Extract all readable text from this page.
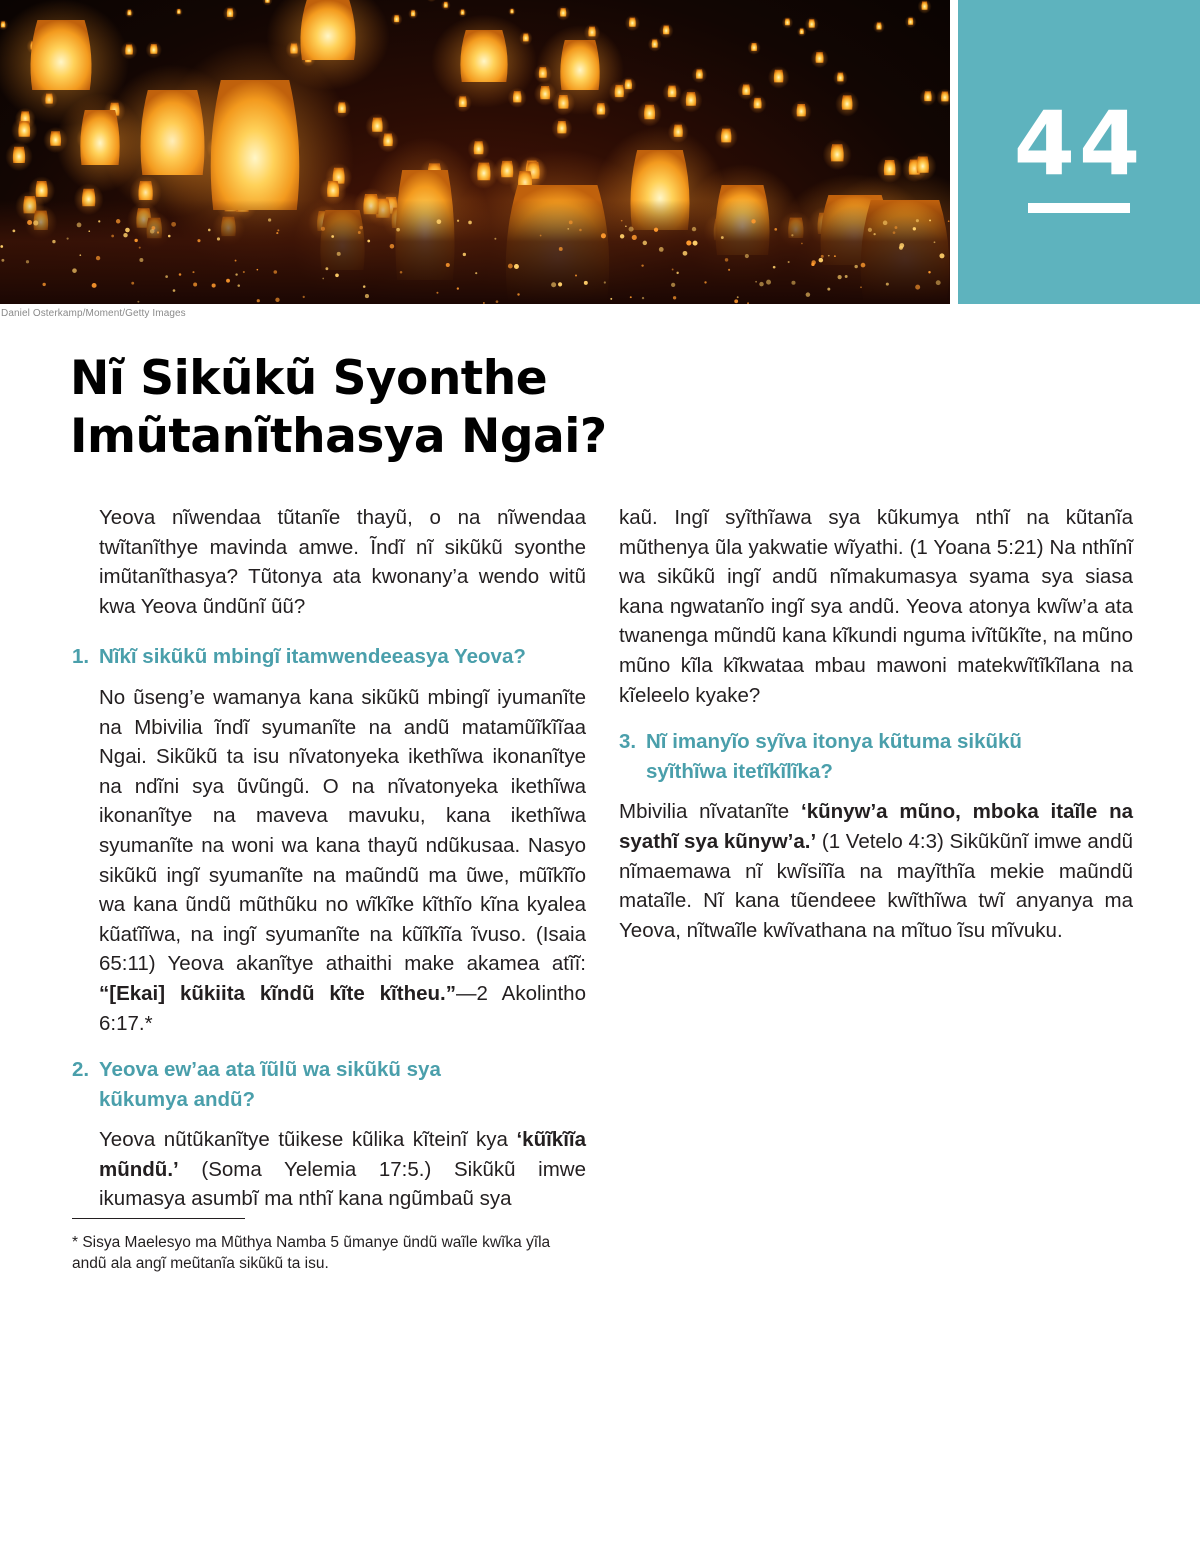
Daniel Osterkamp/Moment/Getty Images
44
Nĩ Sikũkũ Syonthe
Imũtanĩthasya Ngai?

Yeova nĩwendaa tũtanĩe thayũ, o na nĩwendaa twĩtanĩthye mavinda amwe. Ĩndĩ nĩ sikũkũ syonthe imũtanĩthasya? Tũtonya ata kwonany’a wendo witũ kwa Yeova ũndũnĩ ũũ?

1. Nĩkĩ sikũkũ mbingĩ itamwendeeasya Yeova?

No ũseng’e wamanya kana sikũkũ mbingĩ iyumanĩte na Mbivilia ĩndĩ syumanĩte na andũ matamũĩkĩĩaa Ngai. Sikũkũ ta isu nĩvatonyeka ikethĩwa ikonanĩtye na ndĩni sya ũvũngũ. O na nĩvatonyeka ikethĩwa ikonanĩtye na maveva mavuku, kana ikethĩwa syumanĩte na woni wa kana thayũ ndũkusaa. Nasyo sikũkũ ingĩ syumanĩte na maũndũ ma ũwe, mũĩkĩĩo wa kana ũndũ mũthũku no wĩkĩke kĩthĩo kĩna kyalea kũatĩĩwa, na ingĩ syumanĩte na kũĩkĩĩa ĩvuso. (Isaia 65:11) Yeova akanĩtye athaithi make akamea atĩĩ: “[Ekai] kũkiita kĩndũ kĩte kĩtheu.”—2 Akolintho 6:17.*

2. Yeova ew’aa ata ĩũlũ wa sikũkũ sya
kũkumya andũ?

Yeova nũtũkanĩtye tũikese kũlika kĩteinĩ kya ‘kũĩkĩĩa mũndũ.’ (Soma Yelemia 17:5.) Sikũkũ imwe ikumasya asumbĩ ma nthĩ kana ngũmbaũ sya

kaũ. Ingĩ syĩthĩawa sya kũkumya nthĩ na kũtanĩa mũthenya ũla yakwatie wĩyathi. (1 Yoana 5:21) Na nthĩnĩ wa sikũkũ ingĩ andũ nĩmakumasya syama sya siasa kana ngwatanĩo ingĩ sya andũ. Yeova atonya kwĩw’a ata twanenga mũndũ kana kĩkundi nguma ivĩtũkĩte, na mũno mũno kĩla kĩkwataa mbau mawoni matekwĩtĩkĩlana na kĩeleelo kyake?

3. Nĩ imanyĩo syĩva itonya kũtuma sikũkũ
syĩthĩwa itetĩkĩlĩka?

Mbivilia nĩvatanĩte ‘kũnyw’a mũno, mboka itaĩle na syathĩ sya kũnyw’a.’ (1 Vetelo 4:3) Sikũkũnĩ imwe andũ nĩmaemawa nĩ kwĩsiĩĩa na mayĩthĩa mekie maũndũ mataĩle. Nĩ kana tũendeee kwĩthĩwa twĩ anyanya ma Yeova, nĩtwaĩle kwĩvathana na mĩtuo ĩsu mĩvuku.

* Sisya Maelesyo ma Mũthya Namba 5 ũmanye ũndũ waĩle kwĩka yĩla andũ ala angĩ meũtanĩa sikũkũ ta isu.
